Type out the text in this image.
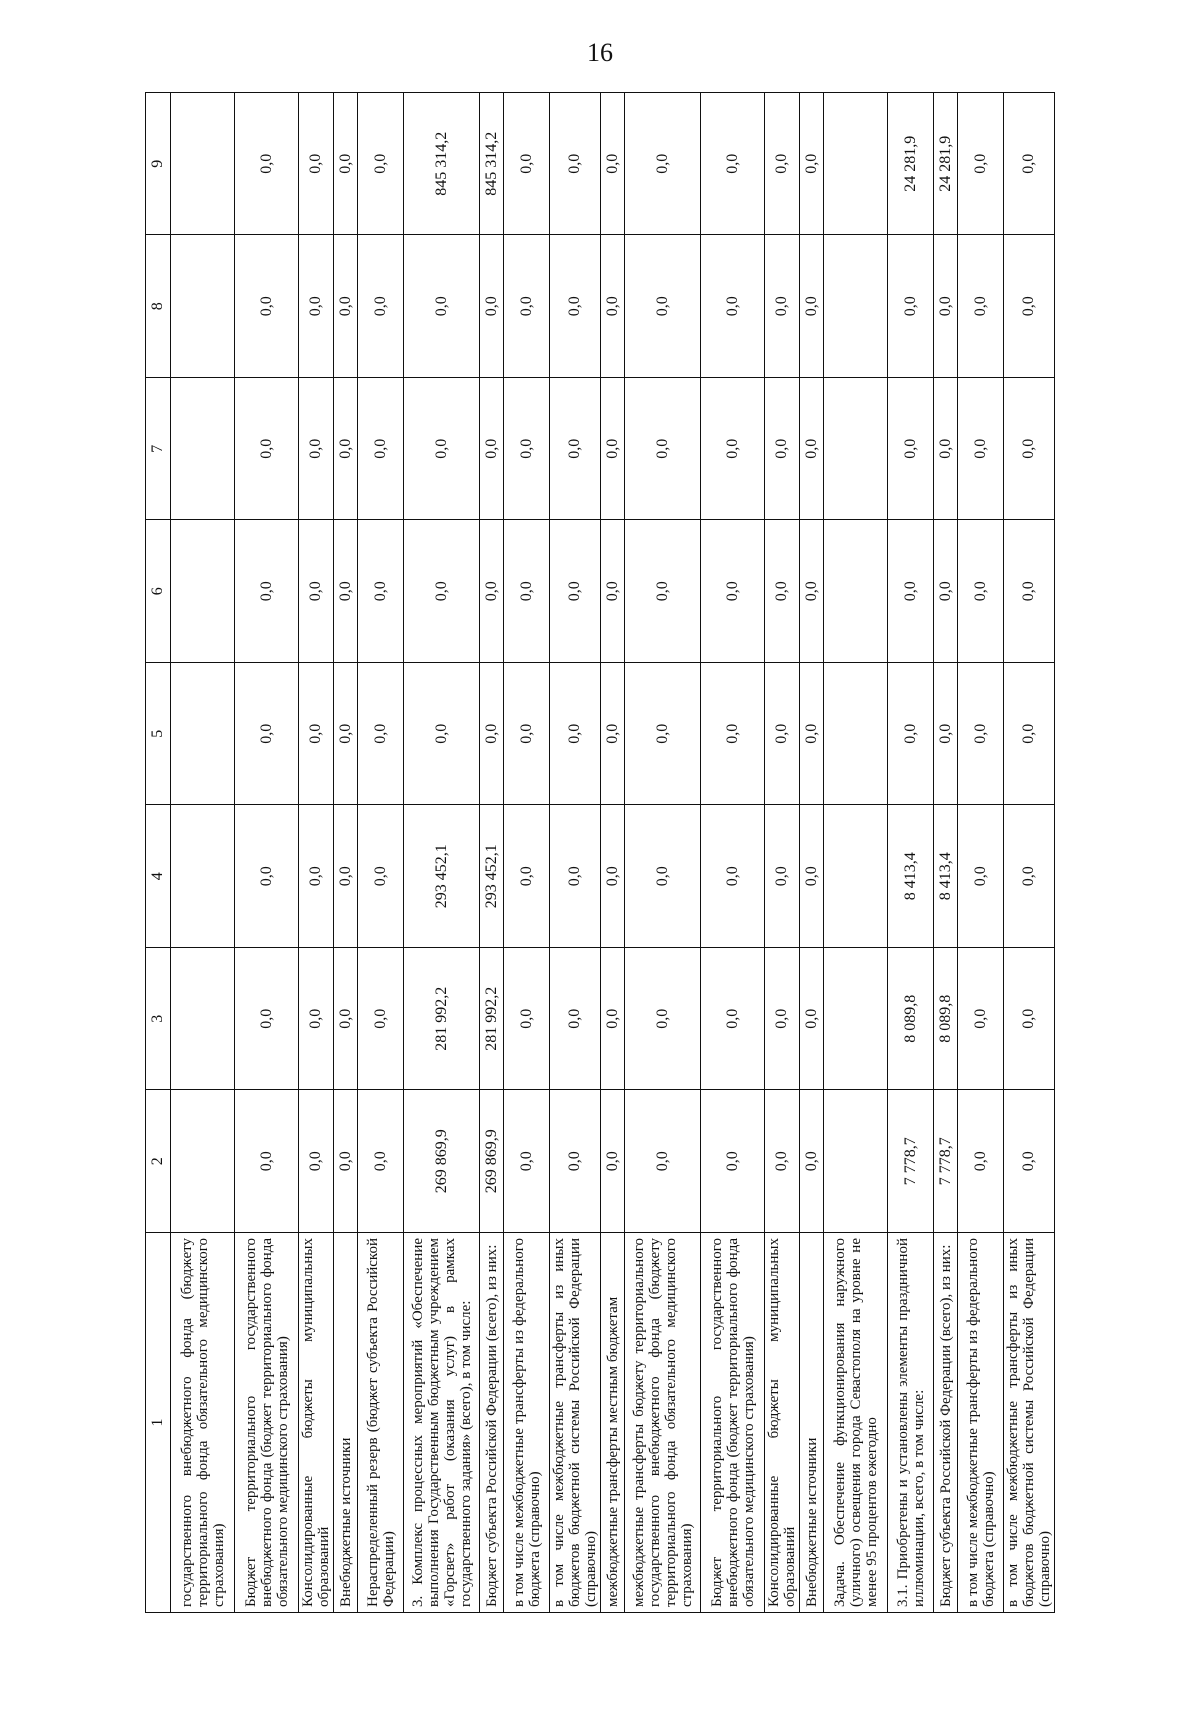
16
1	2	3	4	5	6	7	8	9
государственного внебюджетного фонда (бюджету территориального фонда обязательного медицинского страхования)								
Бюджет территориального государственного внебюджетного фонда (бюджет территориального фонда обязательного медицинского страхования)	0,0	0,0	0,0	0,0	0,0	0,0	0,0	0,0
Консолидированные бюджеты муниципальных образований	0,0	0,0	0,0	0,0	0,0	0,0	0,0	0,0
Внебюджетные источники	0,0	0,0	0,0	0,0	0,0	0,0	0,0	0,0
Нераспределенный резерв (бюджет субъекта Российской Федерации)	0,0	0,0	0,0	0,0	0,0	0,0	0,0	0,0
3. Комплекс процессных мероприятий «Обеспечение выполнения Государственным бюджетным учреждением «Горсвет» работ (оказания услуг) в рамках государственного задания» (всего), в том числе:	269 869,9	281 992,2	293 452,1	0,0	0,0	0,0	0,0	845 314,2
Бюджет субъекта Российской Федерации (всего), из них:	269 869,9	281 992,2	293 452,1	0,0	0,0	0,0	0,0	845 314,2
в том числе межбюджетные трансферты из федерального бюджета (справочно)	0,0	0,0	0,0	0,0	0,0	0,0	0,0	0,0
в том числе межбюджетные трансферты из иных бюджетов бюджетной системы Российской Федерации (справочно)	0,0	0,0	0,0	0,0	0,0	0,0	0,0	0,0
межбюджетные трансферты местным бюджетам	0,0	0,0	0,0	0,0	0,0	0,0	0,0	0,0
межбюджетные трансферты бюджету территориального государственного внебюджетного фонда (бюджету территориального фонда обязательного медицинского страхования)	0,0	0,0	0,0	0,0	0,0	0,0	0,0	0,0
Бюджет территориального государственного внебюджетного фонда (бюджет территориального фонда обязательного медицинского страхования)	0,0	0,0	0,0	0,0	0,0	0,0	0,0	0,0
Консолидированные бюджеты муниципальных образований	0,0	0,0	0,0	0,0	0,0	0,0	0,0	0,0
Внебюджетные источники	0,0	0,0	0,0	0,0	0,0	0,0	0,0	0,0
Задача. Обеспечение функционирования наружного (уличного) освещения города Севастополя на уровне не менее 95 процентов ежегодно								
3.1. Приобретены и установлены элементы праздничной иллюминации, всего, в том числе:	7 778,7	8 089,8	8 413,4	0,0	0,0	0,0	0,0	24 281,9
Бюджет субъекта Российской Федерации (всего), из них:	7 778,7	8 089,8	8 413,4	0,0	0,0	0,0	0,0	24 281,9
в том числе межбюджетные трансферты из федерального бюджета (справочно)	0,0	0,0	0,0	0,0	0,0	0,0	0,0	0,0
в том числе межбюджетные трансферты из иных бюджетов бюджетной системы Российской Федерации (справочно)	0,0	0,0	0,0	0,0	0,0	0,0	0,0	0,0
